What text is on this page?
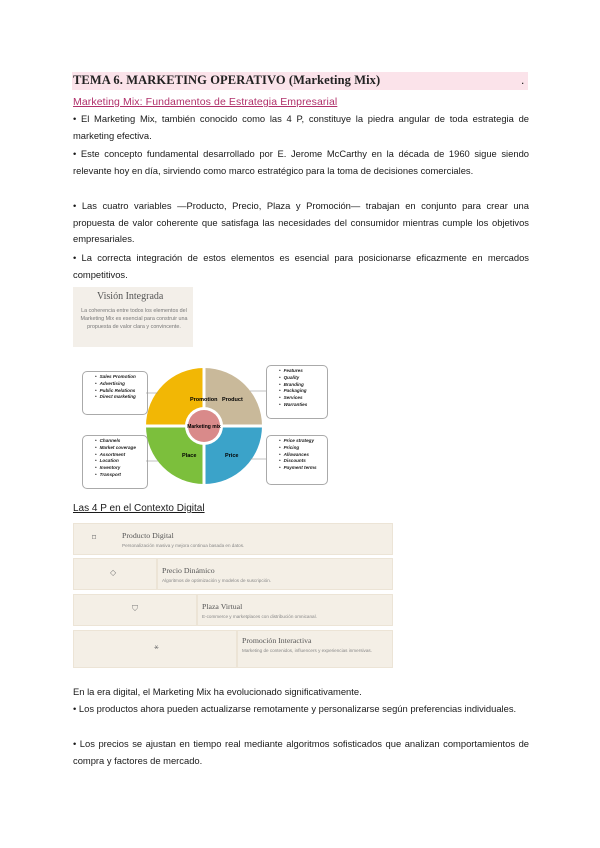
TEMA 6. MARKETING OPERATIVO (Marketing Mix)	.
Marketing Mix: Fundamentos de Estrategia Empresarial
• El Marketing Mix, también conocido como las 4 P, constituye la piedra angular de toda estrategia de marketing efectiva.
• Este concepto fundamental desarrollado por E. Jerome McCarthy en la década de 1960 sigue siendo relevante hoy en día, sirviendo como marco estratégico para la toma de decisiones comerciales.
• Las cuatro variables —Producto, Precio, Plaza y Promoción— trabajan en conjunto para crear una propuesta de valor coherente que satisfaga las necesidades del consumidor mientras cumple los objetivos empresariales.
• La correcta integración de estos elementos es esencial para posicionarse eficazmente en mercados competitivos.
Visión Integrada
La coherencia entre todos los elementos del Marketing Mix es esencial para construir una propuesta de valor clara y convincente.
• Sales Promotion
• Advertising
• Public Relations
• Direct marketing
• Features
• Quality
• Branding
• Packaging
• Services
• Warranties
• Channels
• Market coverage
• Assortment
• Location
• Inventory
• Transport
• Price strategy
• Pricing
• Allowances
• Discounts
• Payment terms
Promotion Product
Place	Price
Marketing mix
Las 4 P en el Contexto Digital
⌑	Producto Digital
Personalización masiva y mejora continua basada en datos.
◇	Precio Dinámico
Algoritmos de optimización y modelos de suscripción.
⛉	Plaza Virtual
E-commerce y marketplaces con distribución omnicanal.
⚹
Promoción Interactiva
Marketing de contenidos, influencers y experiencias inmersivas.
En la era digital, el Marketing Mix ha evolucionado significativamente.
• Los productos ahora pueden actualizarse remotamente y personalizarse según preferencias individuales.
• Los precios se ajustan en tiempo real mediante algoritmos sofisticados que analizan comportamientos de compra y factores de mercado.
